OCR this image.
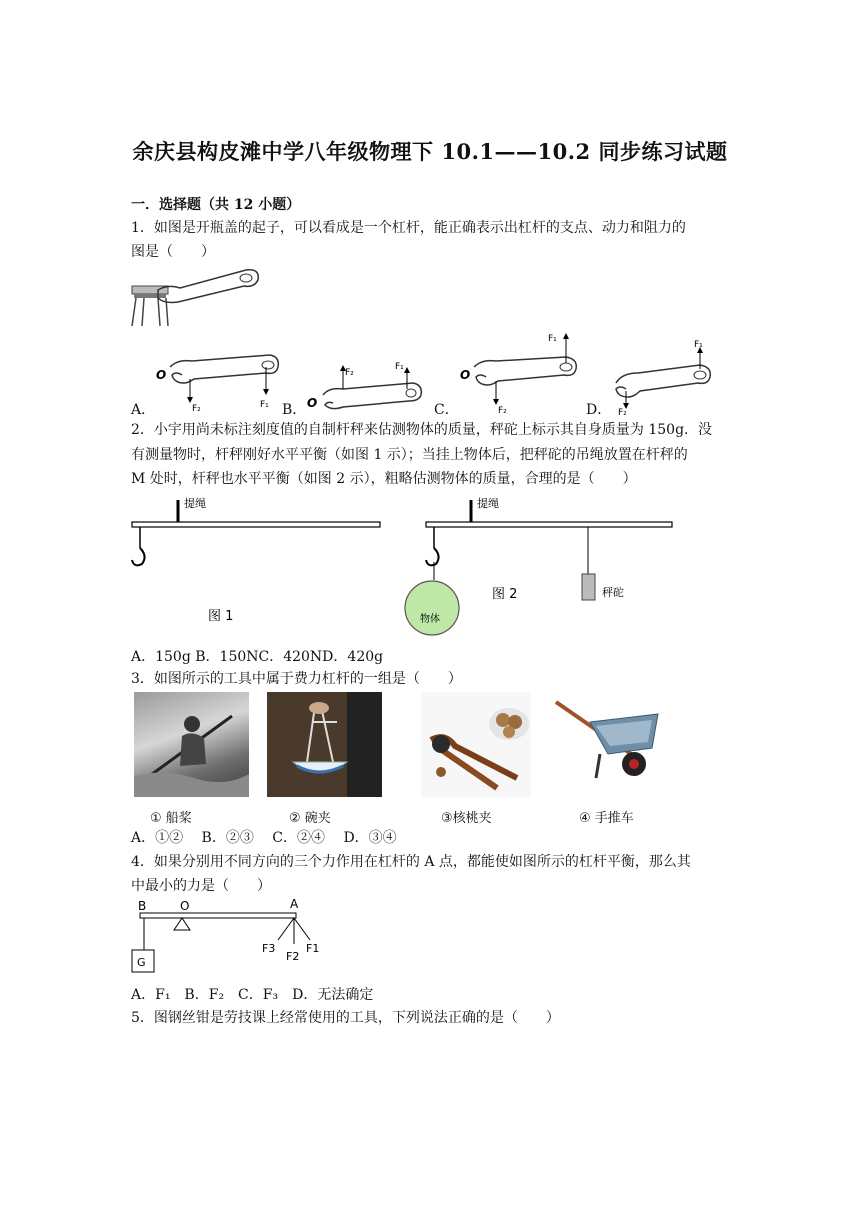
余庆县构皮滩中学八年级物理下 10.1——10.2 同步练习试题
一．选择题（共 12 小题）
1．如图是开瓶盖的起子，可以看成是一个杠杆，能正确表示出杠杆的支点、动力和阻力的
图是（　　）
A．
O
F₂	F₁ B． O
F₂
F₁
C．
O
F₂
F₁
D． F₂
F₁
2．小宇用尚未标注刻度值的自制杆秤来估测物体的质量，秤砣上标示其自身质量为 150g．没
有测量物时，杆秤刚好水平平衡（如图 1 示）；当挂上物体后，把秤砣的吊绳放置在杆秤的
M 处时，杆秤也水平平衡（如图 2 示），粗略估测物体的质量，合理的是（　　）
提绳
图 1
提绳
物体
图 2	秤砣
A．150g B．150NC．420ND．420g
3．如图所示的工具中属于费力杠杆的一组是（　　）
① 船桨	② 碗夹	③核桃夹	④ 手推车
A．①②　 B．②③　 C．②④　 D．③④
4．如果分别用不同方向的三个力作用在杠杆的 A 点，都能使如图所示的杠杆平衡，那么其
中最小的力是（　　）
B	O	A
G
F3
F2
F1
A．F₁　B．F₂　C．F₃　D．无法确定
5．图钢丝钳是劳技课上经常使用的工具，下列说法正确的是（　　）
